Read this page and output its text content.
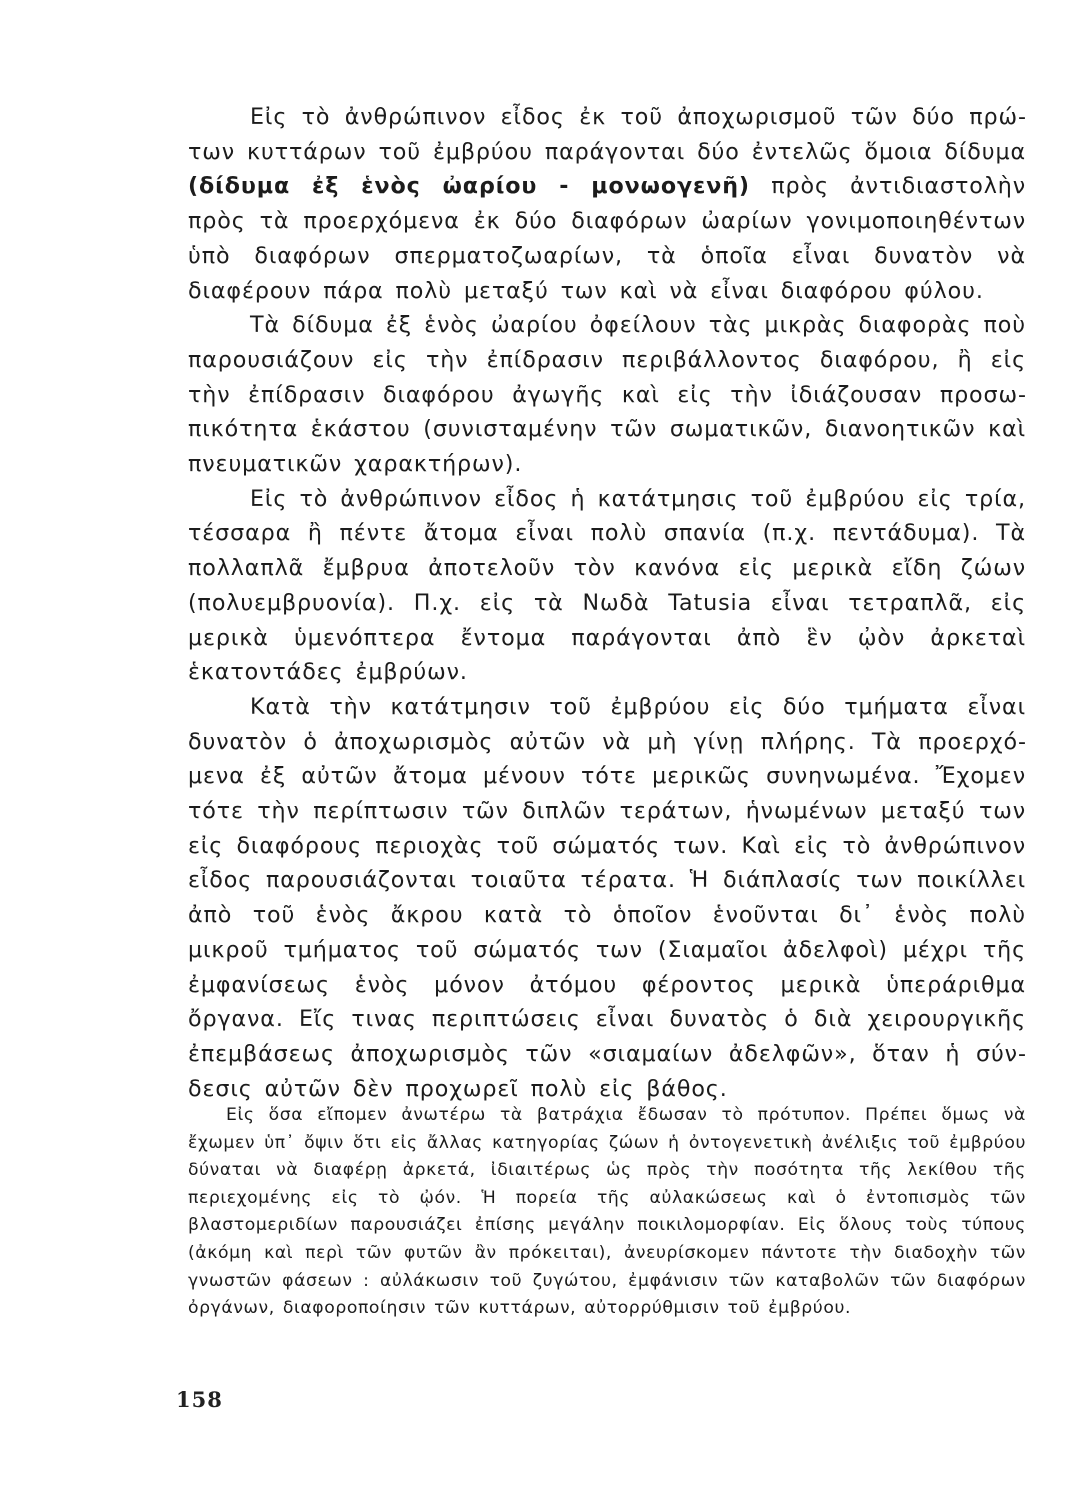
Εἰς τὸ ἀνθρώπινον εἶδος ἐκ τοῦ ἀποχωρισμοῦ τῶν δύο πρώτων κυττάρων τοῦ ἐμβρύου παράγονται δύο ἐντελῶς ὅμοια δίδυμα (δίδυμα ἐξ ἑνὸς ὠαρίου - μονωογενῆ) πρὸς ἀντιδιαστολὴν πρὸς τὰ προερχόμενα ἐκ δύο διαφόρων ὠαρίων γονιμοποιηθέντων ὑπὸ διαφόρων σπερματοζωαρίων, τὰ ὁποῖα εἶναι δυνατὸν νὰ διαφέρουν πάρα πολὺ μεταξύ των καὶ νὰ εἶναι διαφόρου φύλου.

Τὰ δίδυμα ἐξ ἑνὸς ὠαρίου ὀφείλουν τὰς μικρὰς διαφορὰς ποὺ παρουσιάζουν εἰς τὴν ἐπίδρασιν περιβάλλοντος διαφόρου, ἢ εἰς τὴν ἐπίδρασιν διαφόρου ἀγωγῆς καὶ εἰς τὴν ἰδιάζουσαν προσωπικότητα ἑκάστου (συνισταμένην τῶν σωματικῶν, διανοητικῶν καὶ πνευματικῶν χαρακτήρων).

Εἰς τὸ ἀνθρώπινον εἶδος ἡ κατάτμησις τοῦ ἐμβρύου εἰς τρία, τέσσαρα ἢ πέντε ἄτομα εἶναι πολὺ σπανία (π.χ. πεντάδυμα). Τὰ πολλαπλᾶ ἔμβρυα ἀποτελοῦν τὸν κανόνα εἰς μερικὰ εἴδη ζώων (πολυεμβρυονία). Π.χ. εἰς τὰ Νωδὰ Tatusia εἶναι τετραπλᾶ, εἰς μερικὰ ὑμενόπτερα ἔντομα παράγονται ἀπὸ ἓν ᾠὸν ἀρκεταὶ ἑκατοντάδες ἐμβρύων.

Κατὰ τὴν κατάτμησιν τοῦ ἐμβρύου εἰς δύο τμήματα εἶναι δυνατὸν ὁ ἀποχωρισμὸς αὐτῶν νὰ μὴ γίνῃ πλήρης. Τὰ προερχόμενα ἐξ αὐτῶν ἄτομα μένουν τότε μερικῶς συνηνωμένα. Ἔχομεν τότε τὴν περίπτωσιν τῶν διπλῶν τεράτων, ἡνωμένων μεταξύ των εἰς διαφόρους περιοχὰς τοῦ σώματός των. Καὶ εἰς τὸ ἀνθρώπινον εἶδος παρουσιάζονται τοιαῦτα τέρατα. Ἡ διάπλασίς των ποικίλλει ἀπὸ τοῦ ἑνὸς ἄκρου κατὰ τὸ ὁποῖον ἑνοῦνται δι᾽ ἑνὸς πολὺ μικροῦ τμήματος τοῦ σώματός των (Σιαμαῖοι ἀδελφοὶ) μέχρι τῆς ἐμφανίσεως ἑνὸς μόνον ἀτόμου φέροντος μερικὰ ὑπεράριθμα ὄργανα. Εἴς τινας περιπτώσεις εἶναι δυνατὸς ὁ διὰ χειρουργικῆς ἐπεμβάσεως ἀποχωρισμὸς τῶν «σιαμαίων ἀδελφῶν», ὅταν ἡ σύνδεσις αὐτῶν δὲν προχωρεῖ πολὺ εἰς βάθος.

Εἰς ὅσα εἴπομεν ἀνωτέρω τὰ βατράχια ἔδωσαν τὸ πρότυπον. Πρέπει ὅμως νὰ ἔχωμεν ὑπ᾽ ὄψιν ὅτι εἰς ἄλλας κατηγορίας ζώων ἡ ὀντογενετικὴ ἀνέλιξις τοῦ ἐμβρύου δύναται νὰ διαφέρῃ ἀρκετά, ἰδιαιτέρως ὡς πρὸς τὴν ποσότητα τῆς λεκίθου τῆς περιεχομένης εἰς τὸ ᾠόν. Ἡ πορεία τῆς αὐλακώσεως καὶ ὁ ἐντοπισμὸς τῶν βλαστομεριδίων παρουσιάζει ἐπίσης μεγάλην ποικιλομορφίαν. Εἰς ὅλους τοὺς τύπους (ἀκόμη καὶ περὶ τῶν φυτῶν ἂν πρόκειται), ἀνευρίσκομεν πάντοτε τὴν διαδοχὴν τῶν γνωστῶν φάσεων : αὐλάκωσιν τοῦ ζυγώτου, ἐμφάνισιν τῶν καταβολῶν τῶν διαφόρων ὀργάνων, διαφοροποίησιν τῶν κυττάρων, αὐτορρύθμισιν τοῦ ἐμβρύου.

158
